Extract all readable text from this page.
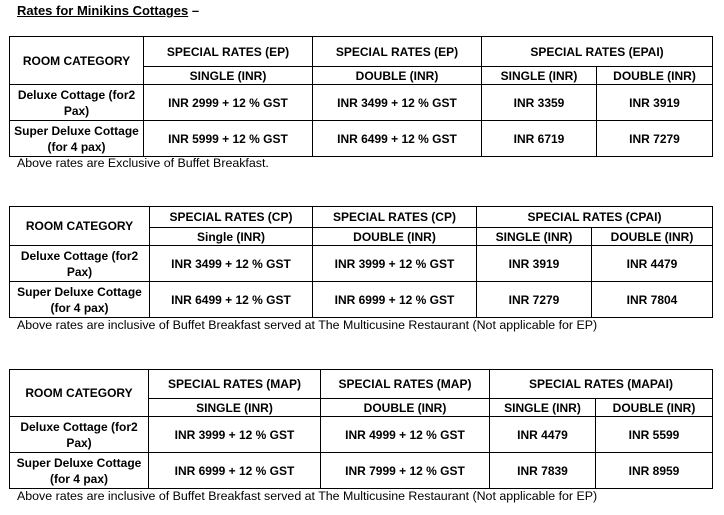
Rates for Minikins Cottages –
ROOM CATEGORY	SPECIAL RATES (EP)	SPECIAL RATES (EP)	SPECIAL RATES (EPAI)	
	SINGLE (INR)	DOUBLE (INR)	SINGLE (INR)	DOUBLE (INR)
Deluxe Cottage (for2 Pax)	INR 2999 + 12 % GST	INR 3499 + 12 % GST	INR 3359	INR 3919
Super Deluxe Cottage (for 4 pax)	INR 5999 + 12 % GST	INR 6499 + 12 % GST	INR 6719	INR 7279
Above rates are Exclusive of Buffet Breakfast.
ROOM CATEGORY	SPECIAL RATES (CP)	SPECIAL RATES (CP)	SPECIAL RATES (CPAI)	
	Single (INR)	DOUBLE (INR)	SINGLE (INR)	DOUBLE (INR)
Deluxe Cottage (for2 Pax)	INR 3499 + 12 % GST	INR 3999 + 12 % GST	INR 3919	INR 4479
Super Deluxe Cottage (for 4 pax)	INR 6499 + 12 % GST	INR 6999 + 12 % GST	INR 7279	INR 7804
Above rates are inclusive of Buffet Breakfast served at The Multicusine Restaurant (Not applicable for EP)
ROOM CATEGORY	SPECIAL RATES (MAP)	SPECIAL RATES (MAP)	SPECIAL RATES (MAPAI)	
	SINGLE (INR)	DOUBLE (INR)	SINGLE (INR)	DOUBLE (INR)
Deluxe Cottage (for2 Pax)	INR 3999 + 12 % GST	INR 4999 + 12 % GST	INR 4479	INR 5599
Super Deluxe Cottage (for 4 pax)	INR 6999 + 12 % GST	INR 7999 + 12 % GST	INR 7839	INR 8959
Above rates are inclusive of Buffet Breakfast served at The Multicusine Restaurant (Not applicable for EP)
